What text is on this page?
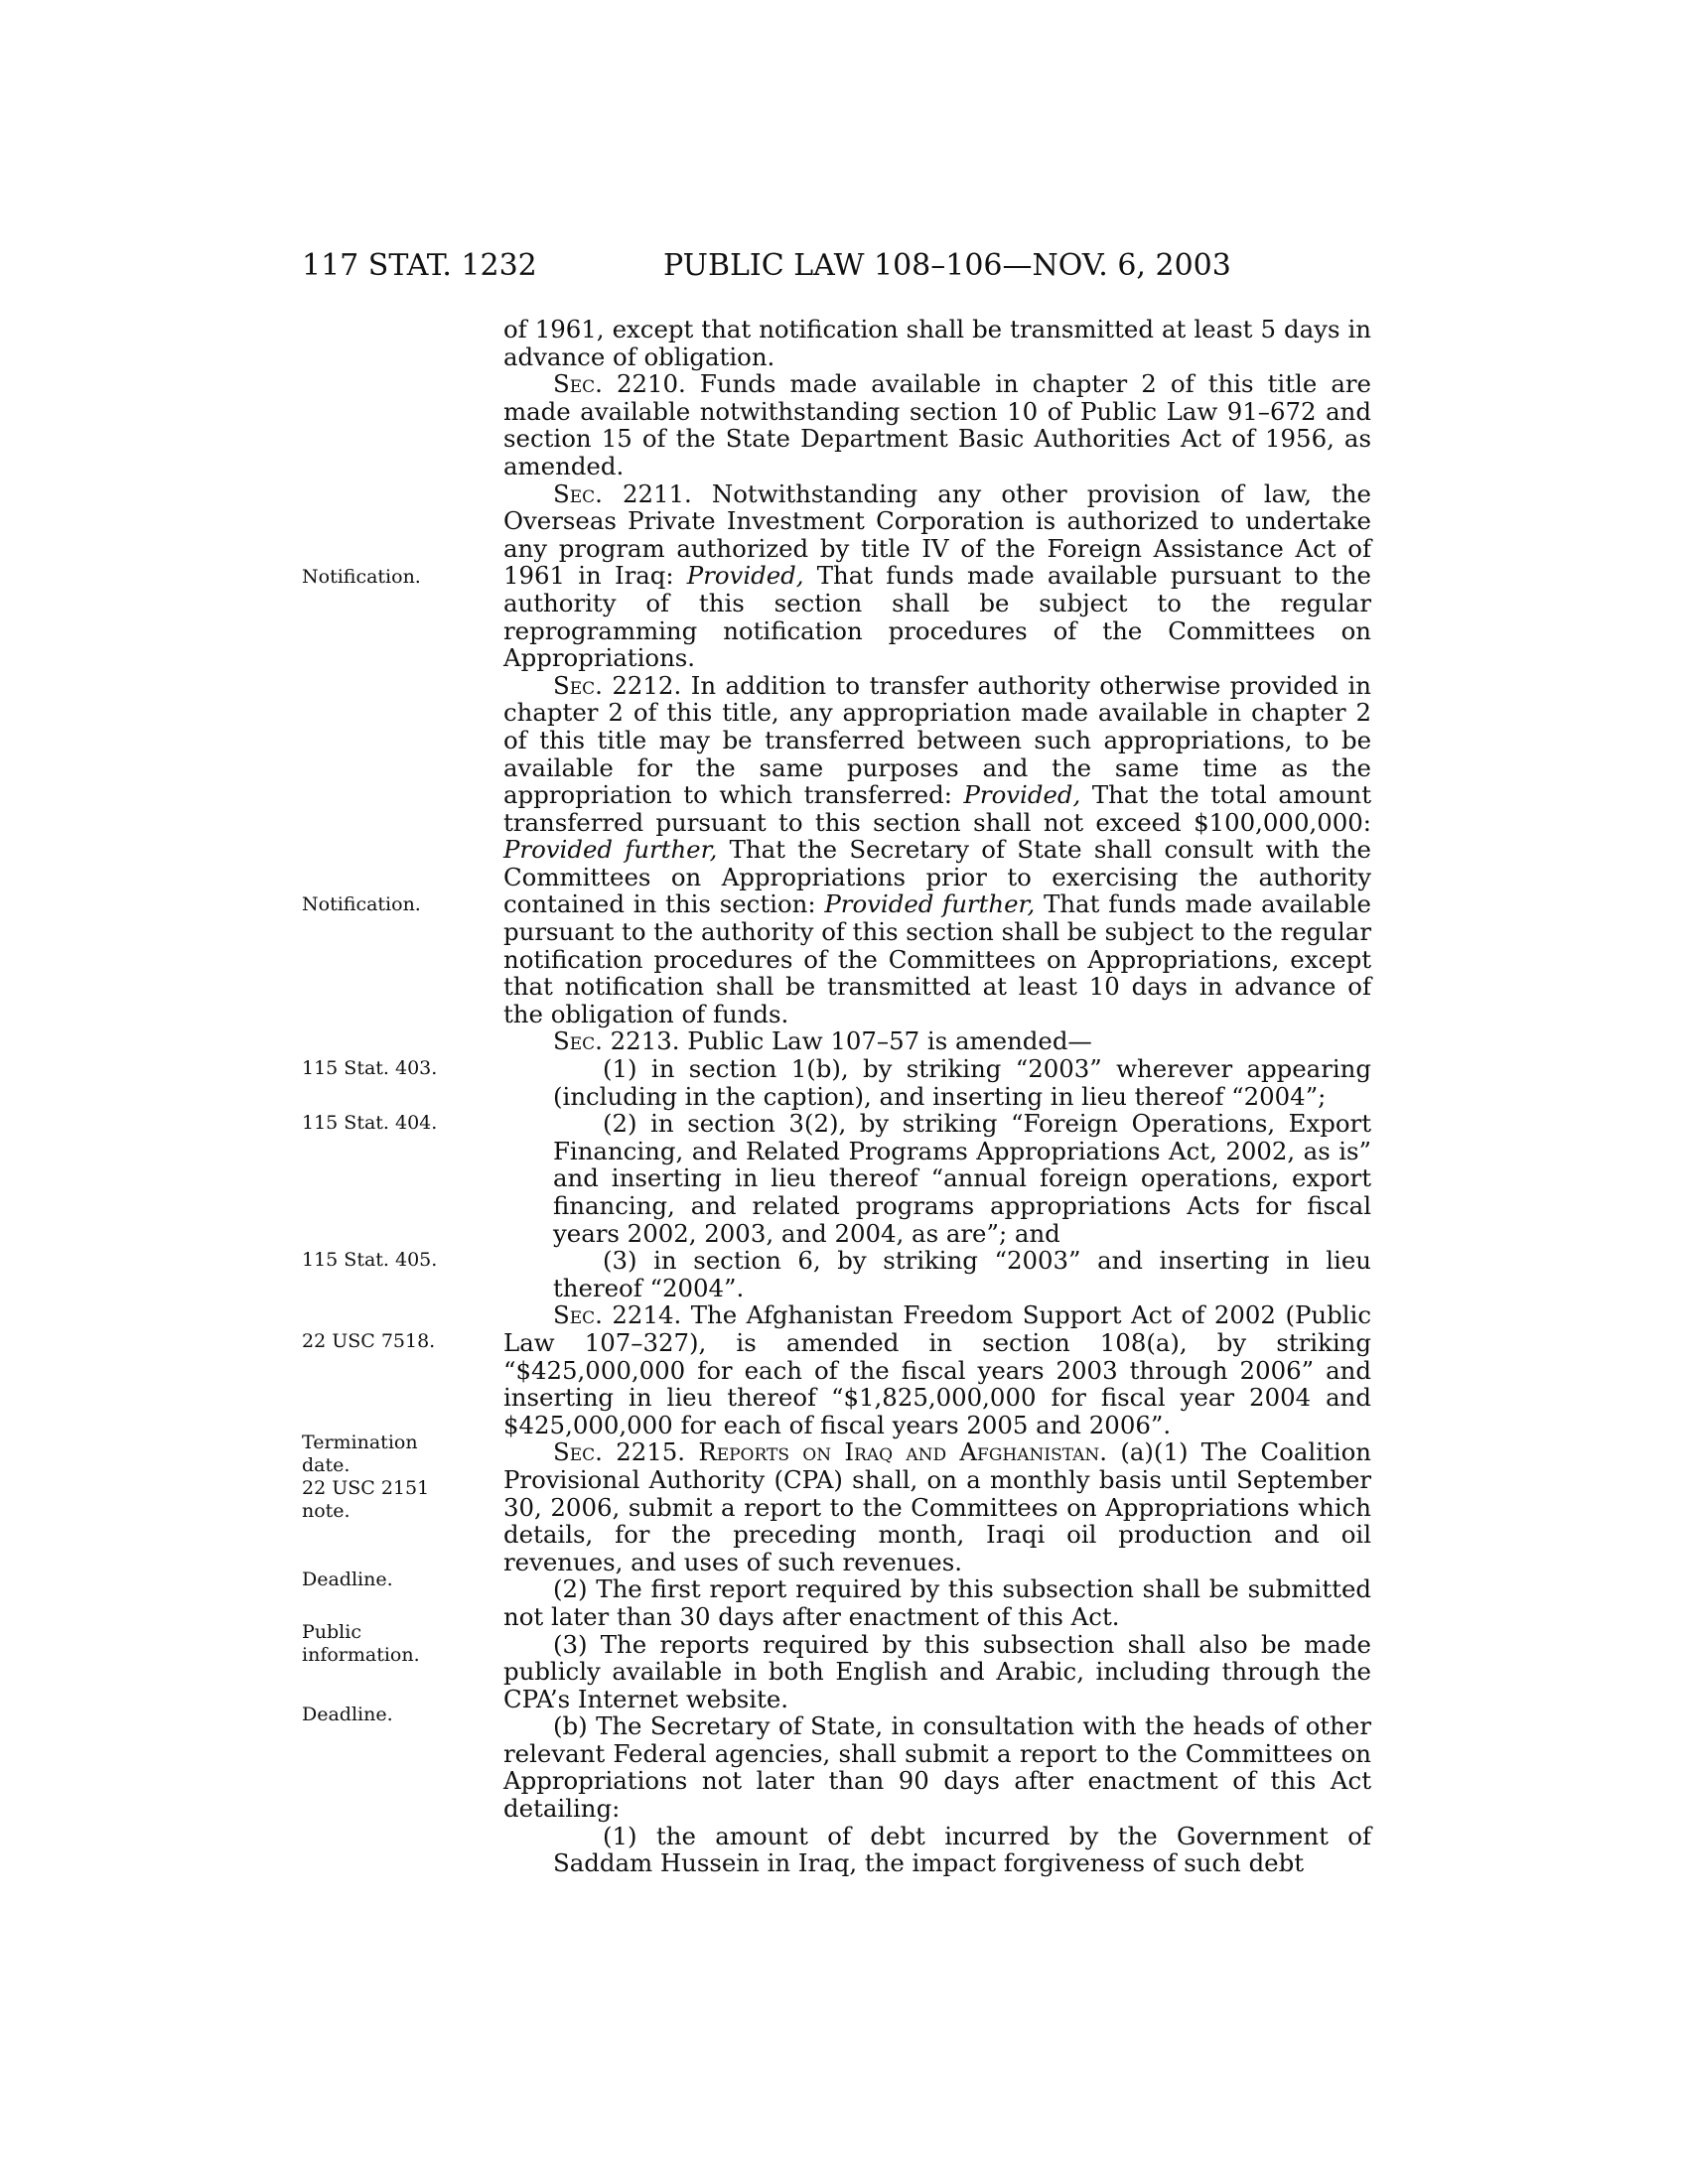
117 STAT. 1232	PUBLIC LAW 108–106—NOV. 6, 2003
Notification.
Notification.
115 Stat. 403.
115 Stat. 404.
115 Stat. 405.
22 USC 7518.
Termination
date.
22 USC 2151
note.
Deadline.
Public
information.
Deadline.

of 1961, except that notification shall be transmitted at least 5 days in advance of obligation.

Sec. 2210. Funds made available in chapter 2 of this title are made available notwithstanding section 10 of Public Law 91–672 and section 15 of the State Department Basic Authorities Act of 1956, as amended.

Sec. 2211. Notwithstanding any other provision of law, the Overseas Private Investment Corporation is authorized to undertake any program authorized by title IV of the Foreign Assistance Act of 1961 in Iraq: Provided, That funds made available pursuant to the authority of this section shall be subject to the regular reprogramming notification procedures of the Committees on Appropriations.

Sec. 2212. In addition to transfer authority otherwise provided in chapter 2 of this title, any appropriation made available in chapter 2 of this title may be transferred between such appropriations, to be available for the same purposes and the same time as the appropriation to which transferred: Provided, That the total amount transferred pursuant to this section shall not exceed $100,000,000: Provided further, That the Secretary of State shall consult with the Committees on Appropriations prior to exercising the authority contained in this section: Provided further, That funds made available pursuant to the authority of this section shall be subject to the regular notification procedures of the Committees on Appropriations, except that notification shall be transmitted at least 10 days in advance of the obligation of funds.

Sec. 2213. Public Law 107–57 is amended—

(1) in section 1(b), by striking “2003” wherever appearing (including in the caption), and inserting in lieu thereof “2004”;

(2) in section 3(2), by striking “Foreign Operations, Export Financing, and Related Programs Appropriations Act, 2002, as is” and inserting in lieu thereof “annual foreign operations, export financing, and related programs appropriations Acts for fiscal years 2002, 2003, and 2004, as are”; and

(3) in section 6, by striking “2003” and inserting in lieu thereof “2004”.

Sec. 2214. The Afghanistan Freedom Support Act of 2002 (Public Law 107–327), is amended in section 108(a), by striking “$425,000,000 for each of the fiscal years 2003 through 2006” and inserting in lieu thereof “$1,825,000,000 for fiscal year 2004 and $425,000,000 for each of fiscal years 2005 and 2006”.

Sec. 2215. Reports on Iraq and Afghanistan. (a)(1) The Coalition Provisional Authority (CPA) shall, on a monthly basis until September 30, 2006, submit a report to the Committees on Appropriations which details, for the preceding month, Iraqi oil production and oil revenues, and uses of such revenues.

(2) The first report required by this subsection shall be submitted not later than 30 days after enactment of this Act.

(3) The reports required by this subsection shall also be made publicly available in both English and Arabic, including through the CPA’s Internet website.

(b) The Secretary of State, in consultation with the heads of other relevant Federal agencies, shall submit a report to the Committees on Appropriations not later than 90 days after enactment of this Act detailing:

(1) the amount of debt incurred by the Government of Saddam Hussein in Iraq, the impact forgiveness of such debt
